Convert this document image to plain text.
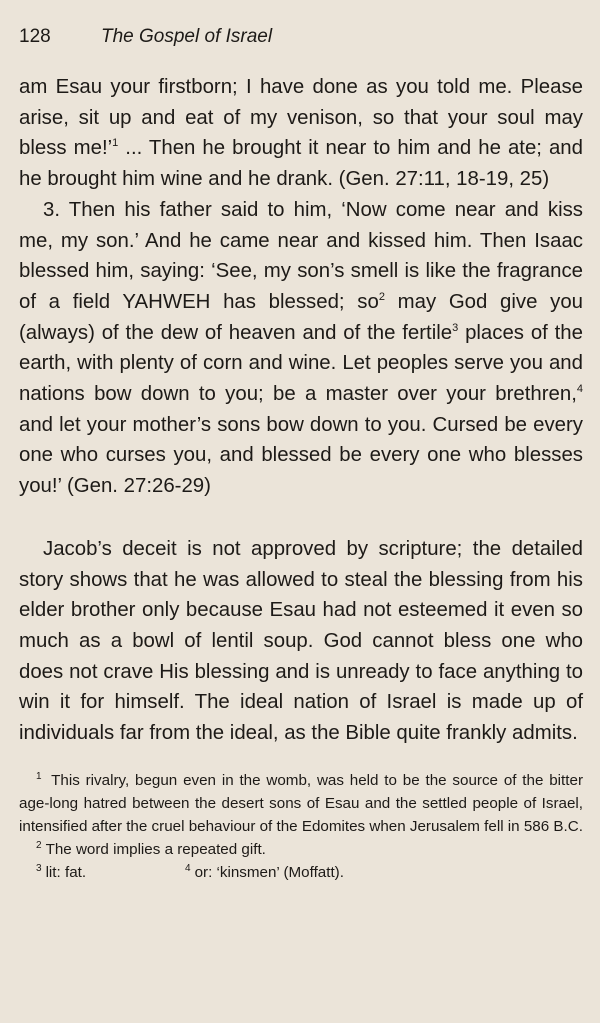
128	The Gospel of Israel

am Esau your firstborn; I have done as you told me. Please arise, sit up and eat of my venison, so that your soul may bless me!’$^1$ ... Then he brought it near to him and he ate; and he brought him wine and he drank. (Gen. 27:11, 18-19, 25)

3. Then his father said to him, ‘Now come near and kiss me, my son.’ And he came near and kissed him. Then Isaac blessed him, saying: ‘See, my son’s smell is like the fragrance of a field YAHWEH has blessed; $so^2$ may God give you (always) of the dew of heaven and of the fertile$^3$ places of the earth, with plenty of corn and wine. Let peoples serve you and nations bow down to you; be a master over your brethren,$^4$ and let your mother’s sons bow down to you. Cursed be every one who curses you, and blessed be every one who blesses you!’ (Gen. 27:26-29)

Jacob’s deceit is not approved by scripture; the detailed story shows that he was allowed to steal the blessing from his elder brother only because Esau had not esteemed it even so much as a bowl of lentil soup. God cannot bless one who does not crave His blessing and is unready to face anything to win it for himself. The ideal nation of Israel is made up of individuals far from the ideal, as the Bible quite frankly admits.

$^1$ This rivalry, begun even in the womb, was held to be the source of the bitter age-long hatred between the desert sons of Esau and the settled people of Israel, intensified after the cruel behaviour of the Edomites when Jerusalem fell in 586 B.C.

$^2$ The word implies a repeated gift.

$^3$ lit: fat.	$^4$ or: ‘kinsmen’ (Moffatt).
